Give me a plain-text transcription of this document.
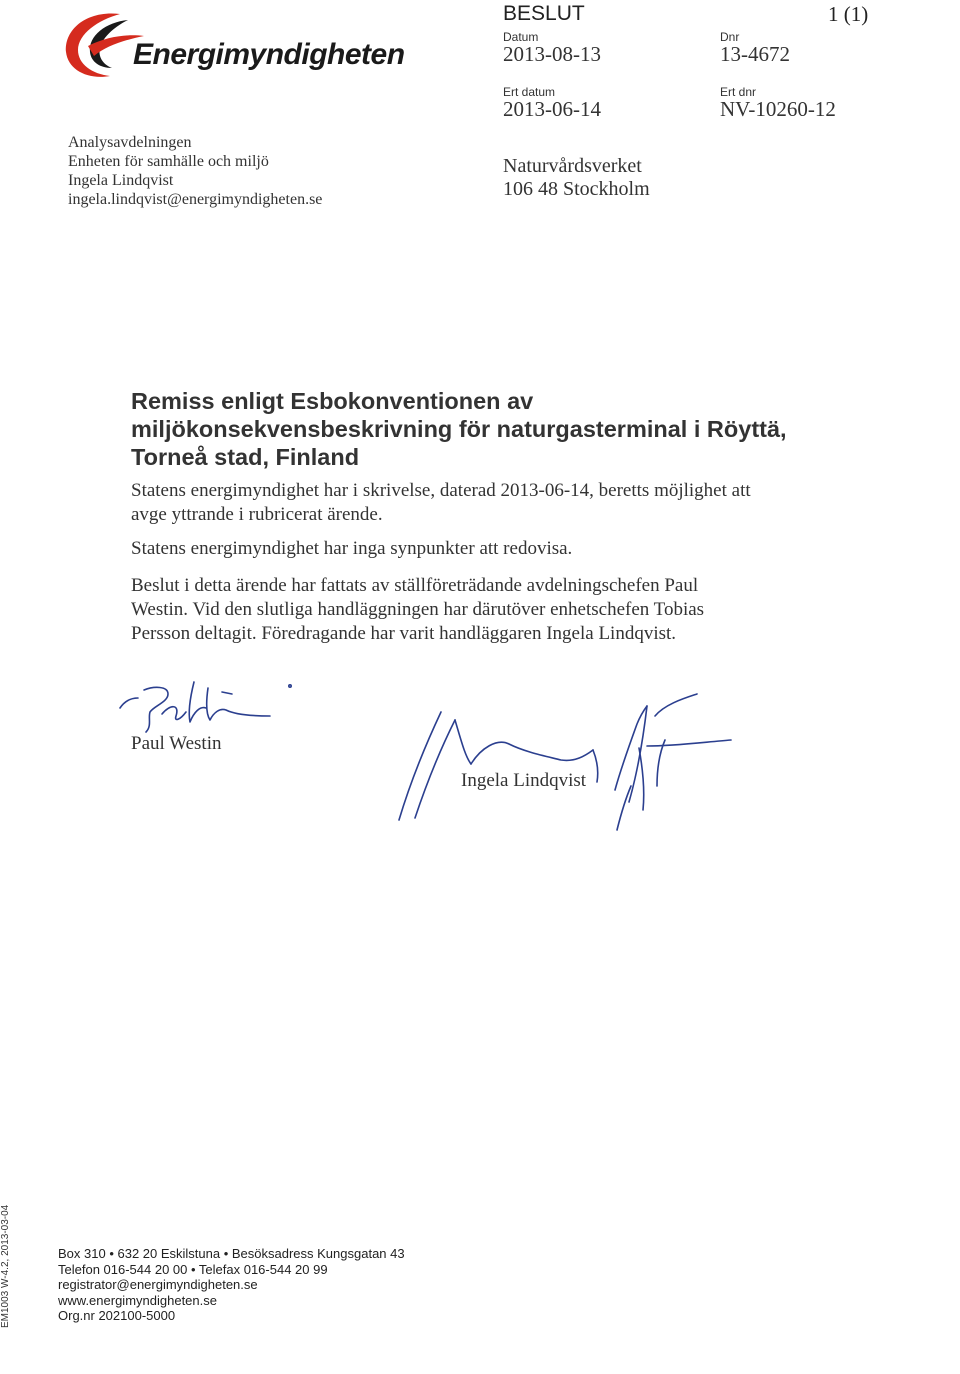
Energimyndigheten
Analysavdelningen
Enheten för samhälle och miljö
Ingela Lindqvist
ingela.lindqvist@energimyndigheten.se
BESLUT	1 (1)
Datum
2013-08-13
Dnr
13-4672
Ert datum
2013-06-14
Ert dnr
NV-10260-12
Naturvårdsverket
106 48 Stockholm
Remiss enligt Esbokonventionen av
miljökonsekvensbeskrivning för naturgasterminal i Röyttä,
Torneå stad, Finland
Statens energimyndighet har i skrivelse, daterad 2013-06-14, beretts möjlighet att
avge yttrande i rubricerat ärende.
Statens energimyndighet har inga synpunkter att redovisa.
Beslut i detta ärende har fattats av ställföreträdande avdelningschefen Paul
Westin. Vid den slutliga handläggningen har därutöver enhetschefen Tobias
Persson deltagit. Föredragande har varit handläggaren Ingela Lindqvist.
Paul Westin
Ingela Lindqvist
EM1003 W-4.2, 2013-03-04	Box 310 • 632 20 Eskilstuna • Besöksadress Kungsgatan 43
Telefon 016-544 20 00 • Telefax 016-544 20 99
registrator@energimyndigheten.se
www.energimyndigheten.se
Org.nr 202100-5000
